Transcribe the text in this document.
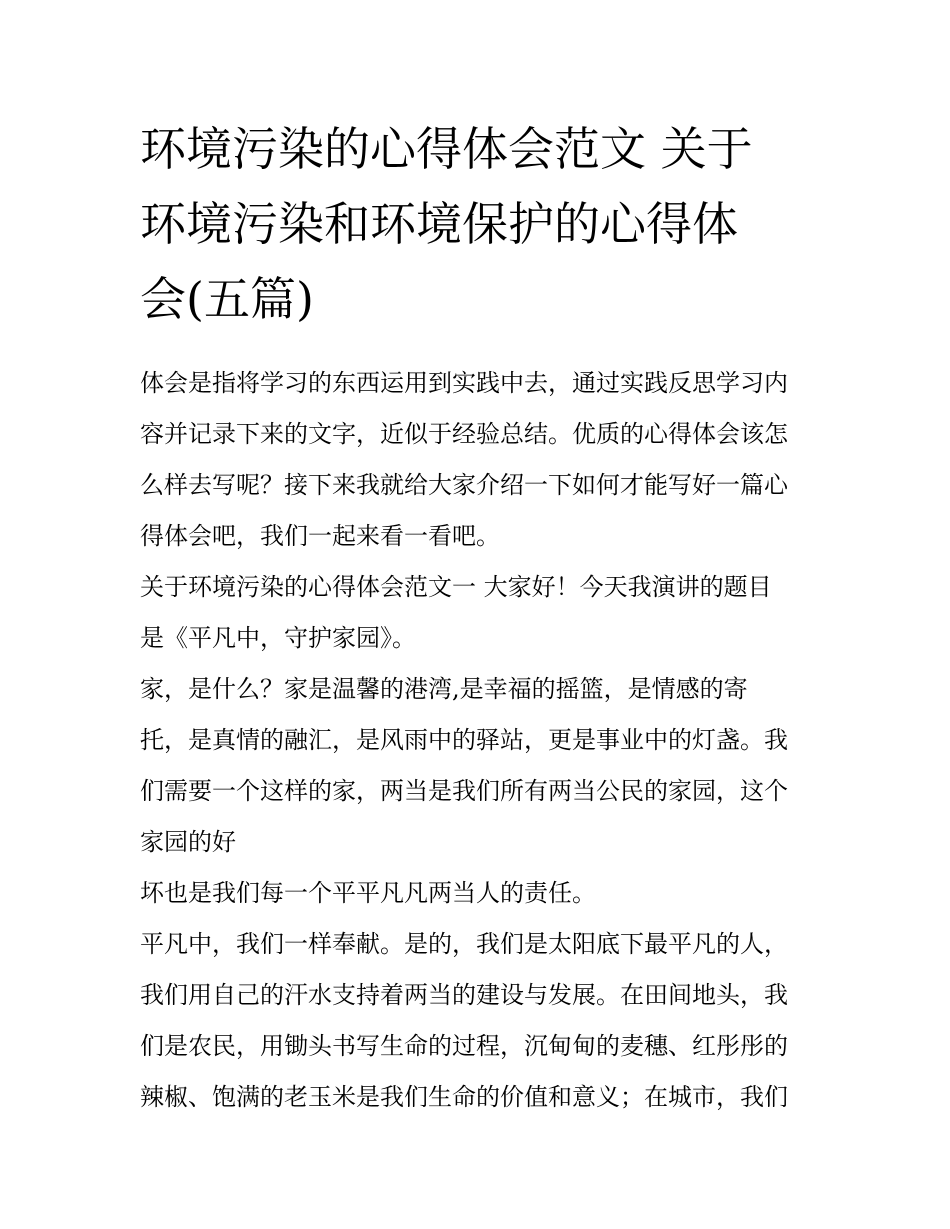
环境污染的心得体会范文 关于
环境污染和环境保护的心得体
会(五篇)
体会是指将学习的东西运用到实践中去，通过实践反思学习内
容并记录下来的文字，近似于经验总结。优质的心得体会该怎
么样去写呢？接下来我就给大家介绍一下如何才能写好一篇心
得体会吧，我们一起来看一看吧。
关于环境污染的心得体会范文一 大家好！今天我演讲的题目
是《平凡中，守护家园》。
家，是什么？家是温馨的港湾,是幸福的摇篮，是情感的寄
托，是真情的融汇，是风雨中的驿站，更是事业中的灯盏。我
们需要一个这样的家，两当是我们所有两当公民的家园，这个
家园的好
坏也是我们每一个平平凡凡两当人的责任。
平凡中，我们一样奉献。是的，我们是太阳底下最平凡的人，
我们用自己的汗水支持着两当的建设与发展。在田间地头，我
们是农民，用锄头书写生命的过程，沉甸甸的麦穗、红彤彤的
辣椒、饱满的老玉米是我们生命的价值和意义；在城市，我们
